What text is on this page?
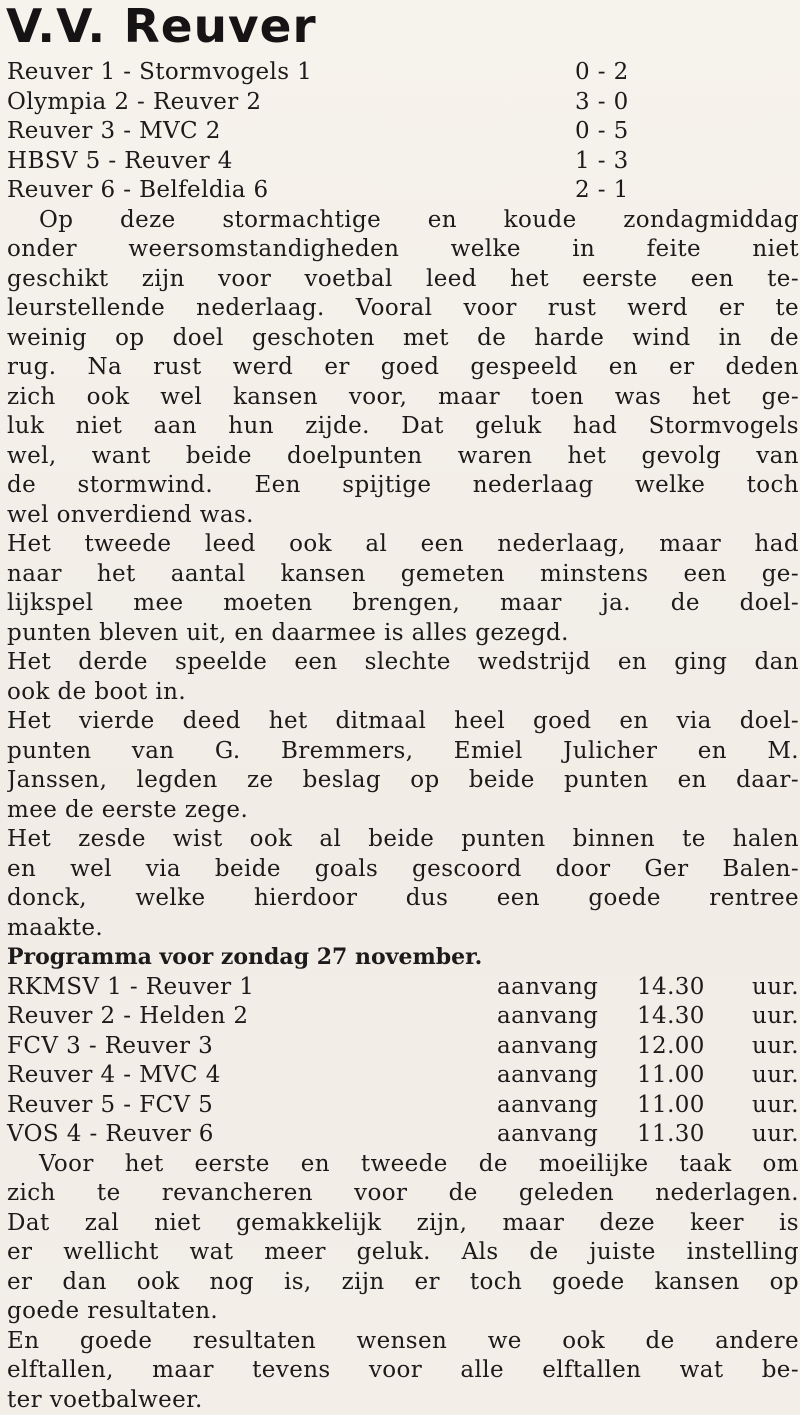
V.V. Reuver
Reuver 1 - Stormvogels 1	0 - 2
Olympia 2 - Reuver 2	3 - 0
Reuver 3 - MVC 2	0 - 5
HBSV 5 - Reuver 4	1 - 3
Reuver 6 - Belfeldia 6	2 - 1
Op deze stormachtige en koude zondagmiddag
onder weersomstandigheden welke in feite niet
geschikt zijn voor voetbal leed het eerste een te-
leurstellende nederlaag. Vooral voor rust werd er te
weinig op doel geschoten met de harde wind in de
rug. Na rust werd er goed gespeeld en er deden
zich ook wel kansen voor, maar toen was het ge-
luk niet aan hun zijde. Dat geluk had Stormvogels
wel, want beide doelpunten waren het gevolg van
de stormwind. Een spijtige nederlaag welke toch
wel onverdiend was.
Het tweede leed ook al een nederlaag, maar had
naar het aantal kansen gemeten minstens een ge-
lijkspel mee moeten brengen, maar ja. de doel-
punten bleven uit, en daarmee is alles gezegd.
Het derde speelde een slechte wedstrijd en ging dan
ook de boot in.
Het vierde deed het ditmaal heel goed en via doel-
punten van G. Bremmers, Emiel Julicher en M.
Janssen, legden ze beslag op beide punten en daar-
mee de eerste zege.
Het zesde wist ook al beide punten binnen te halen
en wel via beide goals gescoord door Ger Balen-
donck, welke hierdoor dus een goede rentree
maakte.
Programma voor zondag 27 november.
RKMSV 1 - Reuver 1	aanvang	14.30	uur.
Reuver 2 - Helden 2	aanvang	14.30	uur.
FCV 3 - Reuver 3	aanvang	12.00	uur.
Reuver 4 - MVC 4	aanvang	11.00	uur.
Reuver 5 - FCV 5	aanvang	11.00	uur.
VOS 4 - Reuver 6	aanvang	11.30	uur.
Voor het eerste en tweede de moeilijke taak om
zich te revancheren voor de geleden nederlagen.
Dat zal niet gemakkelijk zijn, maar deze keer is
er wellicht wat meer geluk. Als de juiste instelling
er dan ook nog is, zijn er toch goede kansen op
goede resultaten.
En goede resultaten wensen we ook de andere
elftallen, maar tevens voor alle elftallen wat be-
ter voetbalweer.
